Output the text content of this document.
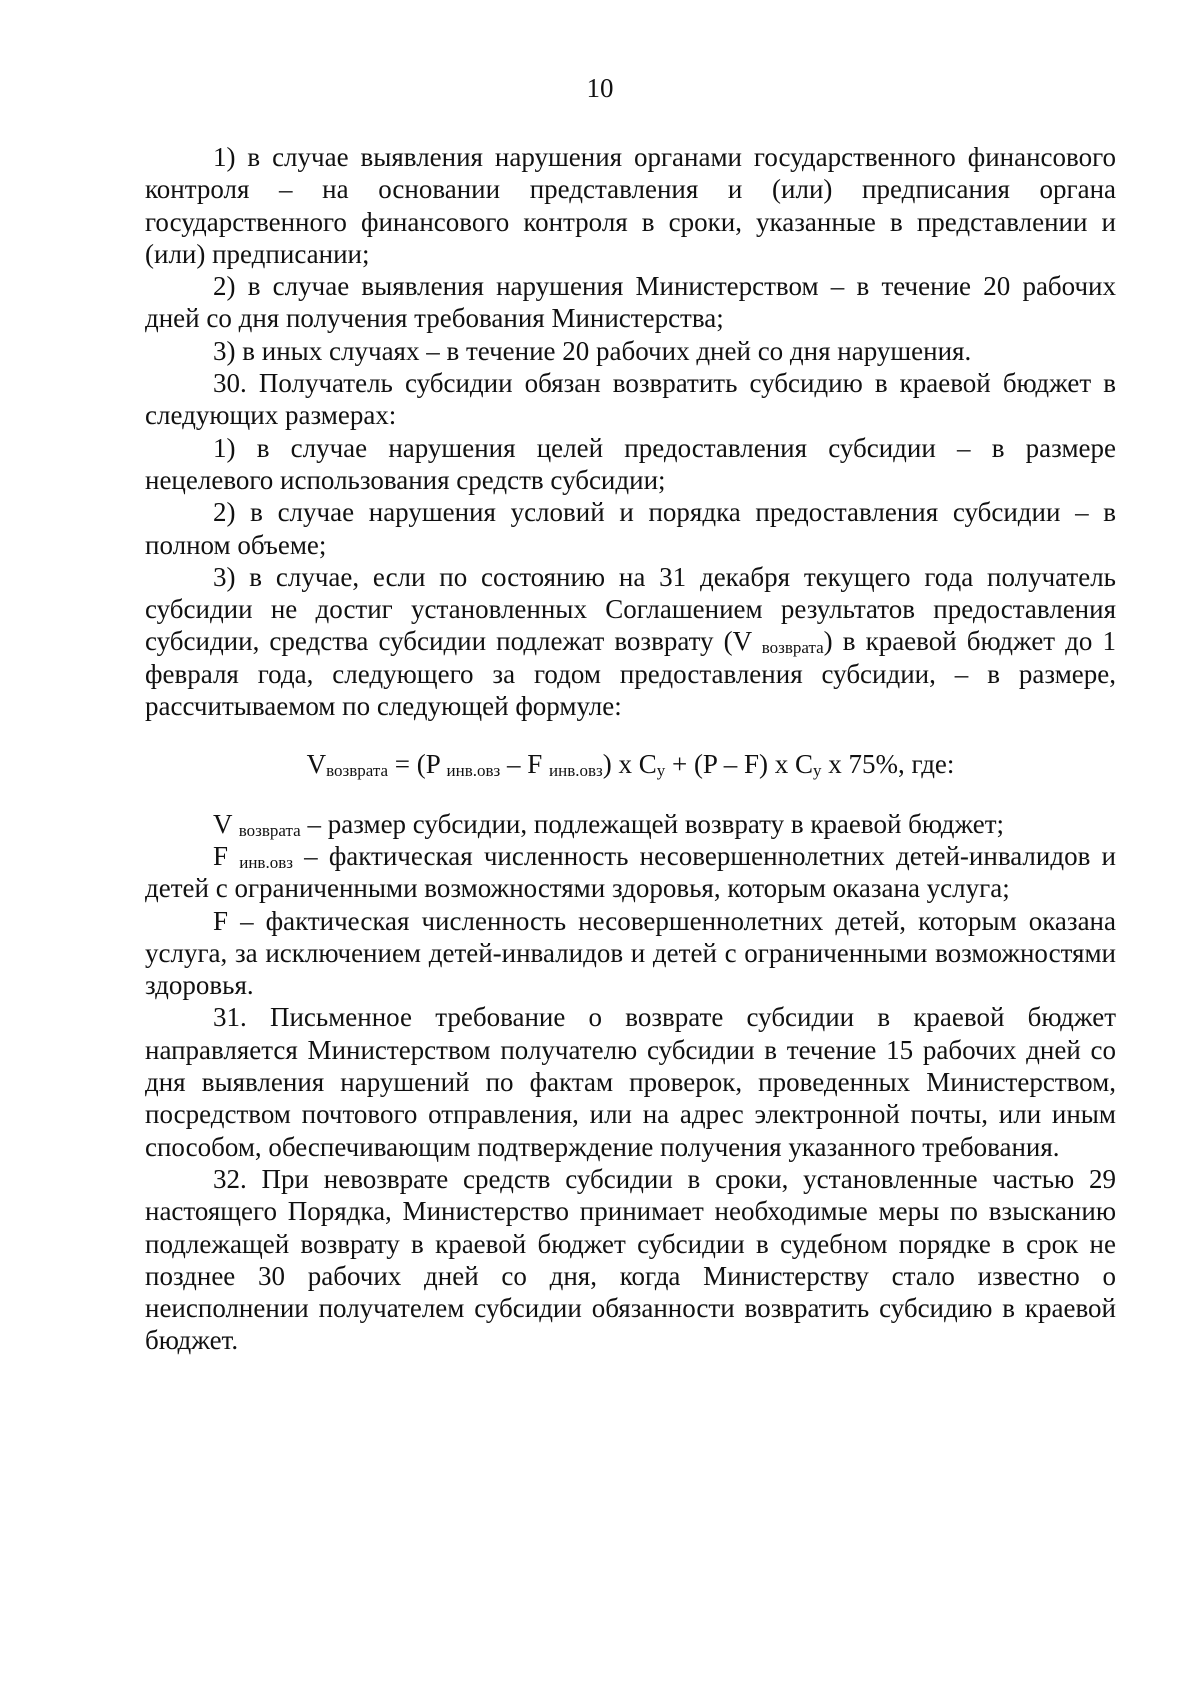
10

1) в случае выявления нарушения органами государственного финансового контроля – на основании представления и (или) предписания органа государственного финансового контроля в сроки, указанные в представлении и (или) предписании;

2) в случае выявления нарушения Министерством – в течение 20 рабочих дней со дня получения требования Министерства;

3) в иных случаях – в течение 20 рабочих дней со дня нарушения.

30. Получатель субсидии обязан возвратить субсидию в краевой бюджет в следующих размерах:

1) в случае нарушения целей предоставления субсидии – в размере нецелевого использования средств субсидии;

2) в случае нарушения условий и порядка предоставления субсидии – в полном объеме;

3) в случае, если по состоянию на 31 декабря текущего года получатель субсидии не достиг установленных Соглашением результатов предоставления субсидии, средства субсидии подлежат возврату (V $_{возврата}$) в краевой бюджет до 1 февраля года, следующего за годом предоставления субсидии, – в размере, рассчитываемом по следующей формуле:

$V_{возврата} = (P$ $_{инв.овз}$ – F $_{инв.овз}$) х $C_у + (P - F)$ х $C_у$ х 75%, где:

V $_{возврата}$ – размер субсидии, подлежащей возврату в краевой бюджет;

F $_{инв.овз}$ – фактическая численность несовершеннолетних детей-инвалидов и детей с ограниченными возможностями здоровья, которым оказана услуга;

F – фактическая численность несовершеннолетних детей, которым оказана услуга, за исключением детей-инвалидов и детей с ограниченными возможностями здоровья.

31. Письменное требование о возврате субсидии в краевой бюджет направляется Министерством получателю субсидии в течение 15 рабочих дней со дня выявления нарушений по фактам проверок, проведенных Министерством, посредством почтового отправления, или на адрес электронной почты, или иным способом, обеспечивающим подтверждение получения указанного требования.

32. При невозврате средств субсидии в сроки, установленные частью 29 настоящего Порядка, Министерство принимает необходимые меры по взысканию подлежащей возврату в краевой бюджет субсидии в судебном порядке в срок не позднее 30 рабочих дней со дня, когда Министерству стало известно о неисполнении получателем субсидии обязанности возвратить субсидию в краевой бюджет.
